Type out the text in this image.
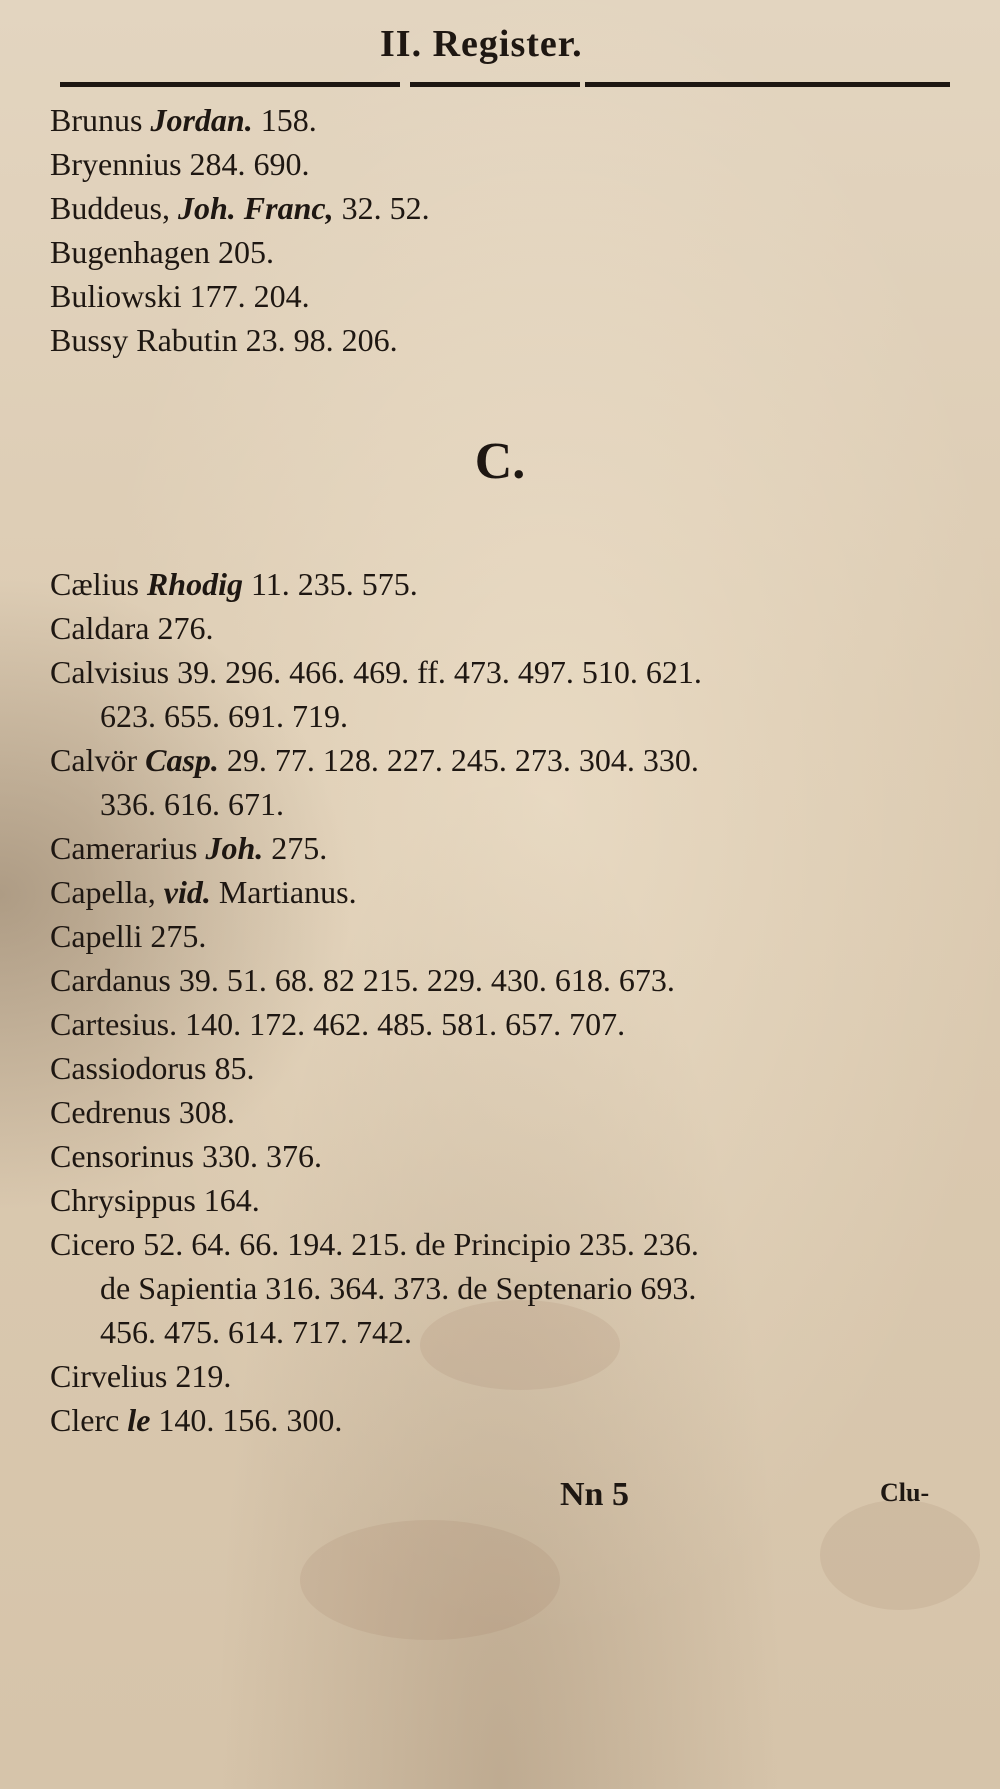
II. Register.
Brunus Jordan. 158.
Bryennius 284. 690.
Buddeus, Joh. Franc, 32. 52.
Bugenhagen 205.
Buliowski 177. 204.
Bussy Rabutin 23. 98. 206.
C.
Cælius Rhodig 11. 235. 575.
Caldara 276.
Calvisius 39. 296. 466. 469. ff. 473. 497. 510. 621.
623. 655. 691. 719.
Calvör Casp. 29. 77. 128. 227. 245. 273. 304. 330.
336. 616. 671.
Camerarius Joh. 275.
Capella, vid. Martianus.
Capelli 275.
Cardanus 39. 51. 68. 82 215. 229. 430. 618. 673.
Cartesius. 140. 172. 462. 485. 581. 657. 707.
Cassiodorus 85.
Cedrenus 308.
Censorinus 330. 376.
Chrysippus 164.
Cicero 52. 64. 66. 194. 215. de Principio 235. 236.
de Sapientia 316. 364. 373. de Septenario 693.
456. 475. 614. 717. 742.
Cirvelius 219.
Clerc le 140. 156. 300.
Nn 5	Clu-
